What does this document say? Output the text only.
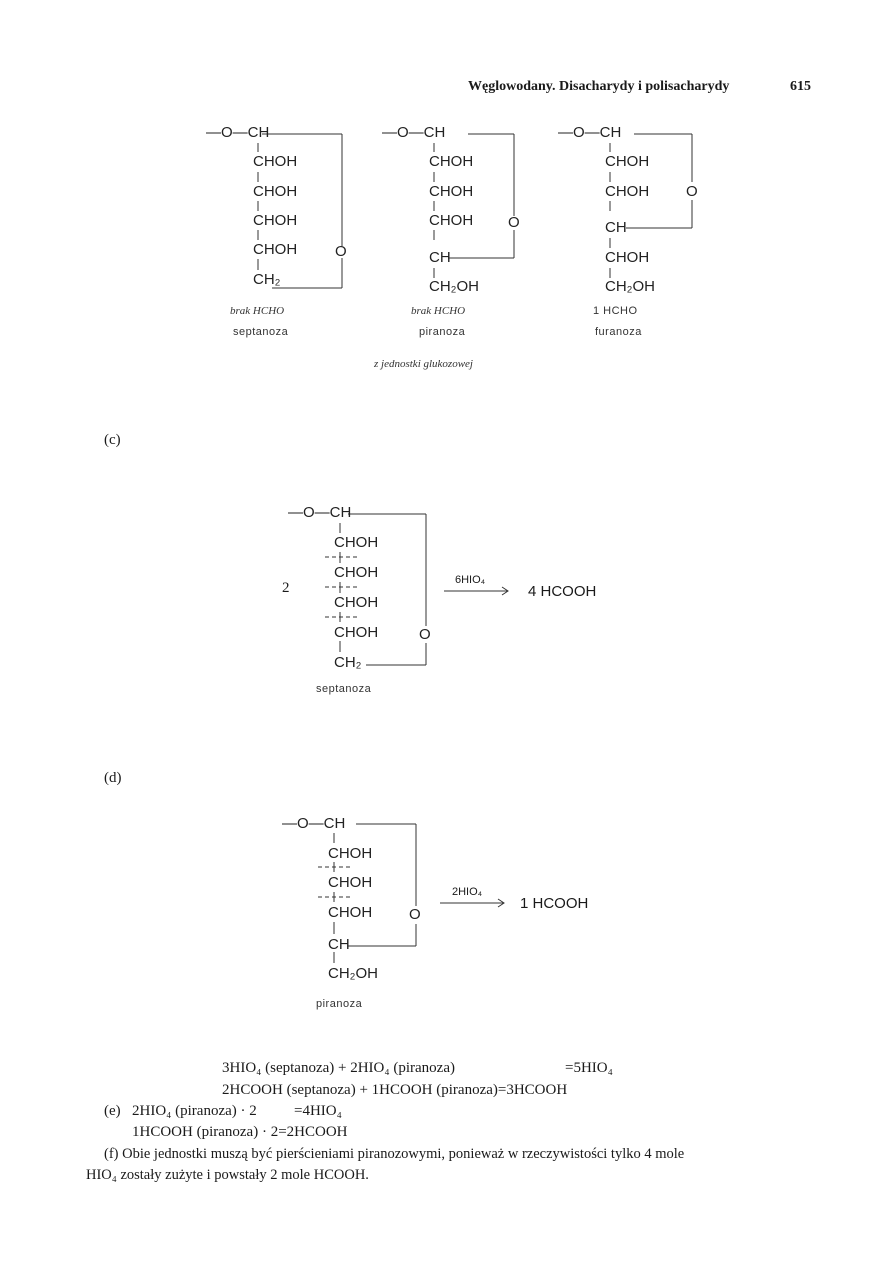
Węglowodany. Disacharydy i polisacharydy	615
—O—CH
CHOH
CHOH
CHOH
CHOH
CH₂
O
brak HCHO
septanoza
—O—CH
CHOH
CHOH
CHOH
CH
CH₂OH
O
brak HCHO
piranoza
—O—CH
CHOH
CHOH
CH
CHOH
CH₂OH
O
1 HCHO
furanoza
z jednostki glukozowej
(c)
2
—O—CH
CHOH
CHOH
CHOH
CHOH
CH₂
O
septanoza
6HIO₄
4 HCOOH
(d)
—O—CH
CHOH
CHOH
CHOH
CH
CH₂OH
O
piranoza
2HIO₄
1 HCOOH
3HIO₄ (septanoza) + 2HIO₄ (piranoza)	=5HIO₄
2HCOOH (septanoza) + 1HCOOH (piranoza)=3HCOOH
(e) 2HIO₄ (piranoza) · 2 =4HIO₄
1HCOOH (piranoza) · 2=2HCOOH
(f) Obie jednostki muszą być pierścieniami piranozowymi, ponieważ w rzeczywistości tylko 4 mole
HIO₄ zostały zużyte i powstały 2 mole HCOOH.
